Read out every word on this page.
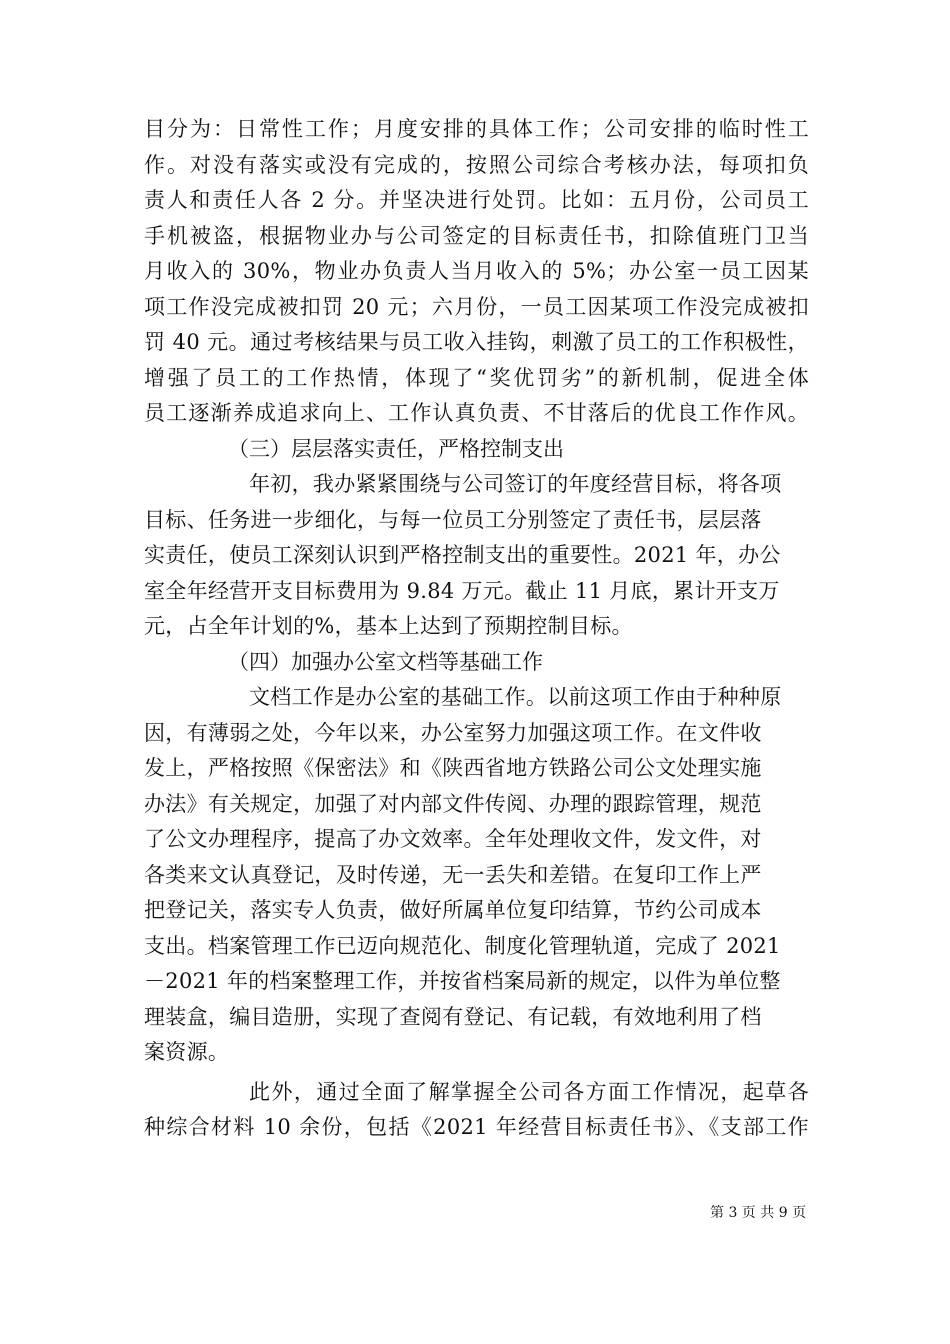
目分为：日常性工作；月度安排的具体工作；公司安排的临时性工
作。对没有落实或没有完成的，按照公司综合考核办法，每项扣负
责人和责任人各 2 分。并坚决进行处罚。比如：五月份，公司员工
手机被盗，根据物业办与公司签定的目标责任书，扣除值班门卫当
月收入的 30%，物业办负责人当月收入的 5%；办公室一员工因某
项工作没完成被扣罚 20 元；六月份，一员工因某项工作没完成被扣
罚 40 元。通过考核结果与员工收入挂钩，刺激了员工的工作积极性，
增强了员工的工作热情，体现了“奖优罚劣”的新机制，促进全体
员工逐渐养成追求向上、工作认真负责、不甘落后的优良工作作风。

（三）层层落实责任，严格控制支出

年初，我办紧紧围绕与公司签订的年度经营目标，将各项
目标、任务进一步细化，与每一位员工分别签定了责任书，层层落
实责任，使员工深刻认识到严格控制支出的重要性。2021 年，办公
室全年经营开支目标费用为 9.84 万元。截止 11 月底，累计开支万
元，占全年计划的%，基本上达到了预期控制目标。

（四）加强办公室文档等基础工作

文档工作是办公室的基础工作。以前这项工作由于种种原
因，有薄弱之处，今年以来，办公室努力加强这项工作。在文件收
发上，严格按照《保密法》和《陕西省地方铁路公司公文处理实施
办法》有关规定，加强了对内部文件传阅、办理的跟踪管理，规范
了公文办理程序，提高了办文效率。全年处理收文件，发文件，对
各类来文认真登记，及时传递，无一丢失和差错。在复印工作上严
把登记关，落实专人负责，做好所属单位复印结算，节约公司成本
支出。档案管理工作已迈向规范化、制度化管理轨道，完成了 2021
－2021 年的档案整理工作，并按省档案局新的规定，以件为单位整
理装盒，编目造册，实现了查阅有登记、有记载，有效地利用了档
案资源。

此外，通过全面了解掌握全公司各方面工作情况，起草各
种综合材料 10 余份，包括《2021 年经营目标责任书》、《支部工作

第 3 页 共 9 页
